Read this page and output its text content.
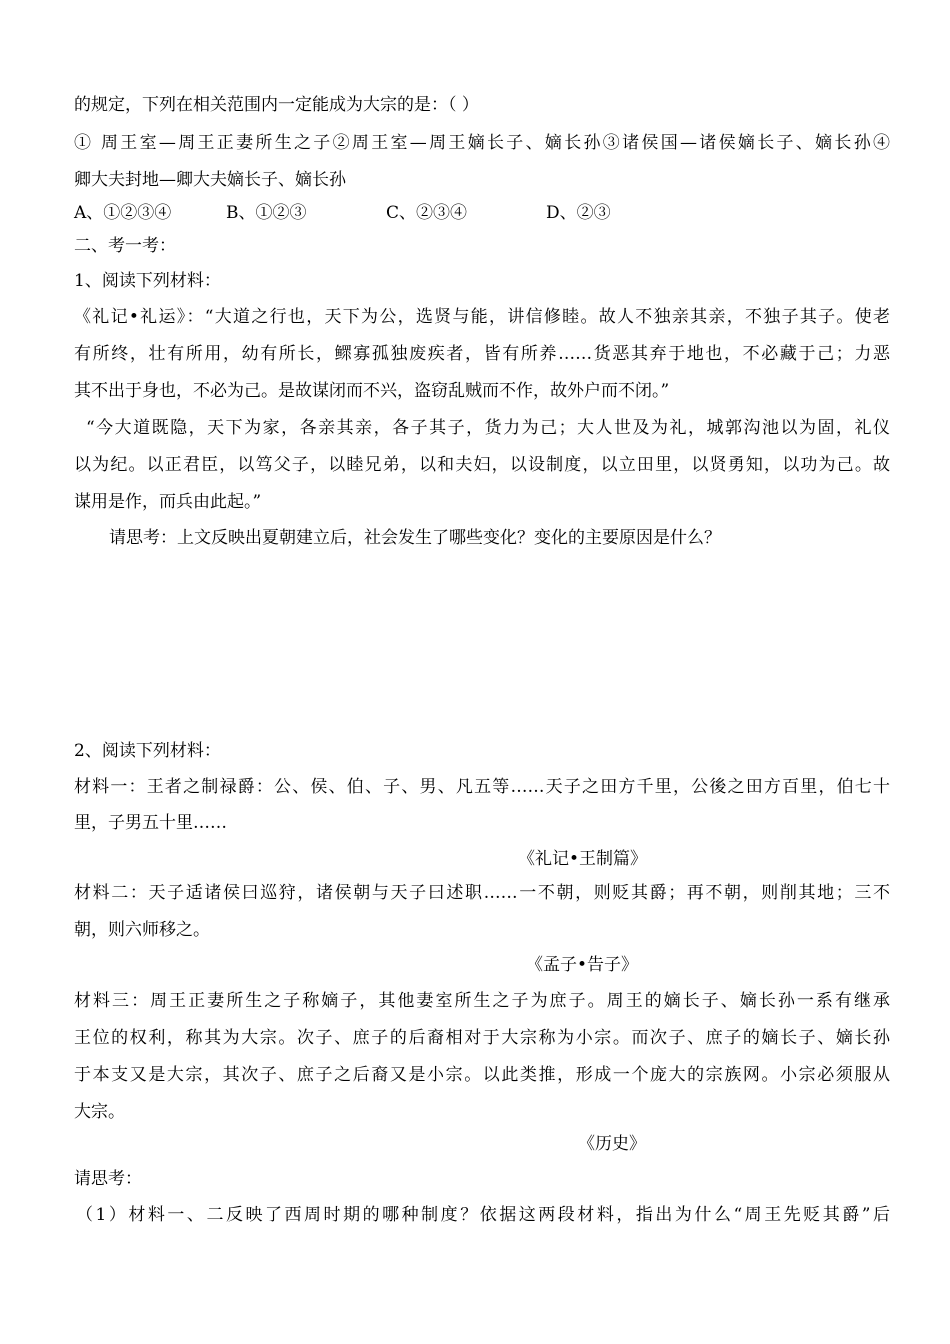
的规定，下列在相关范围内一定能成为大宗的是：（ ）
① 周王室—周王正妻所生之子②周王室—周王嫡长子、嫡长孙③诸侯国—诸侯嫡长子、嫡长孙④
卿大夫封地—卿大夫嫡长子、嫡长孙
A、①②③④	B、①②③	C、②③④	D、②③
二、考一考：
1、阅读下列材料：
《礼记•礼运》：“大道之行也，天下为公，选贤与能，讲信修睦。故人不独亲其亲，不独子其子。使老
有所终，壮有所用，幼有所长，鳏寡孤独废疾者，皆有所养……货恶其弃于地也，不必藏于己；力恶
其不出于身也，不必为己。是故谋闭而不兴，盗窃乱贼而不作，故外户而不闭。”
“今大道既隐，天下为家，各亲其亲，各子其子，货力为己；大人世及为礼，城郭沟池以为固，礼仪
以为纪。以正君臣，以笃父子，以睦兄弟，以和夫妇，以设制度，以立田里，以贤勇知，以功为己。故
谋用是作，而兵由此起。”
请思考：上文反映出夏朝建立后，社会发生了哪些变化？变化的主要原因是什么？
2、阅读下列材料：
材料一：王者之制禄爵：公、侯、伯、子、男、凡五等……天子之田方千里，公後之田方百里，伯七十
里，子男五十里……
《礼记•王制篇》
材料二：天子适诸侯曰巡狩，诸侯朝与天子曰述职……一不朝，则贬其爵；再不朝，则削其地；三不
朝，则六师移之。
《孟子•告子》
材料三：周王正妻所生之子称嫡子，其他妻室所生之子为庶子。周王的嫡长子、嫡长孙一系有继承
王位的权利，称其为大宗。次子、庶子的后裔相对于大宗称为小宗。而次子、庶子的嫡长子、嫡长孙
于本支又是大宗，其次子、庶子之后裔又是小宗。以此类推，形成一个庞大的宗族网。小宗必须服从
大宗。
《历史》
请思考：
（1）材料一、二反映了西周时期的哪种制度？依据这两段材料，指出为什么“周王先贬其爵”后
